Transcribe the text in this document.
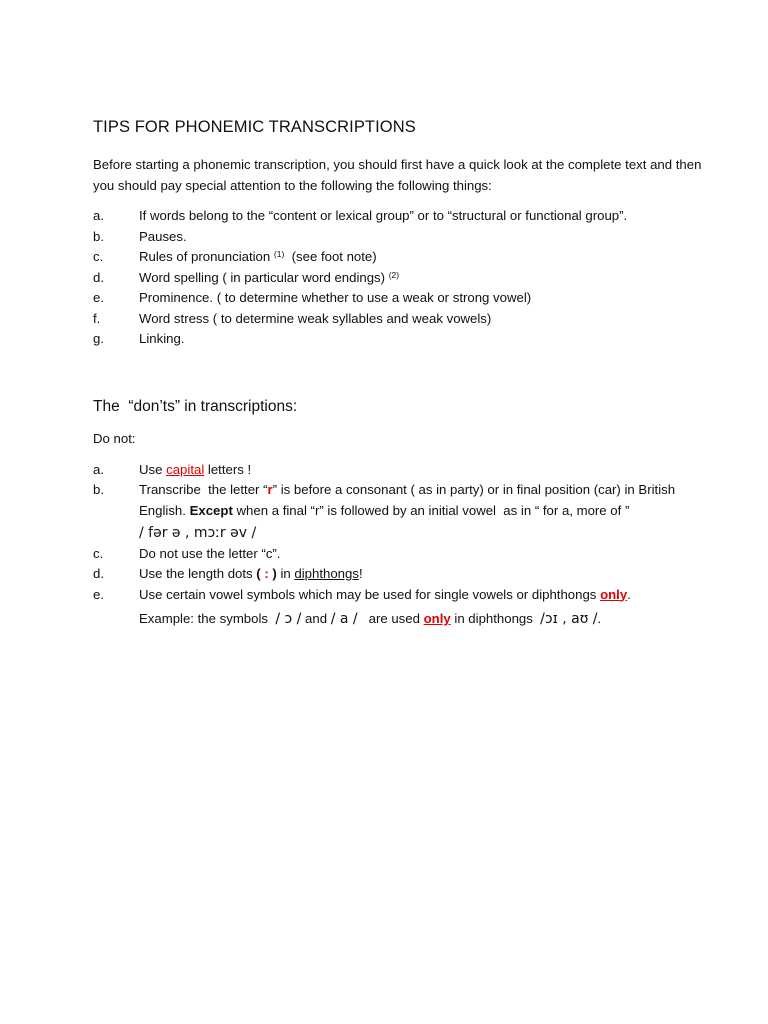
TIPS FOR PHONEMIC TRANSCRIPTIONS

Before starting a phonemic transcription, you should first have a quick look at the complete text and then you should pay special attention to the following the following things:

a.	If words belong to the “content or lexical group” or to “structural or functional group”.
b.	Pauses.
c.	Rules of pronunciation $^{(1)}$  (see foot note)
d.	Word spelling ( in particular word endings) $^{(2)}$
e.	Prominence. ( to determine whether to use a weak or strong vowel)
f.	Word stress ( to determine weak syllables and weak vowels)
g.	Linking.
The  “don’ts” in transcriptions:

Do not:

a.	Use capital letters !
b.	Transcribe  the letter “r” is before a consonant ( as in party) or in final position (car) in British English. Except when a final “r” is followed by an initial vowel  as in “ for a, more of ”
/ fər ə , mɔːr əv /
c.	Do not use the letter “c”.
d.	Use the length dots ( : ) in diphthongs!
e.	Use certain vowel symbols which may be used for single vowels or diphthongs only.
Example: the symbols  / ɔ / and / a /   are used only in diphthongs  /ɔɪ , aʊ /.
